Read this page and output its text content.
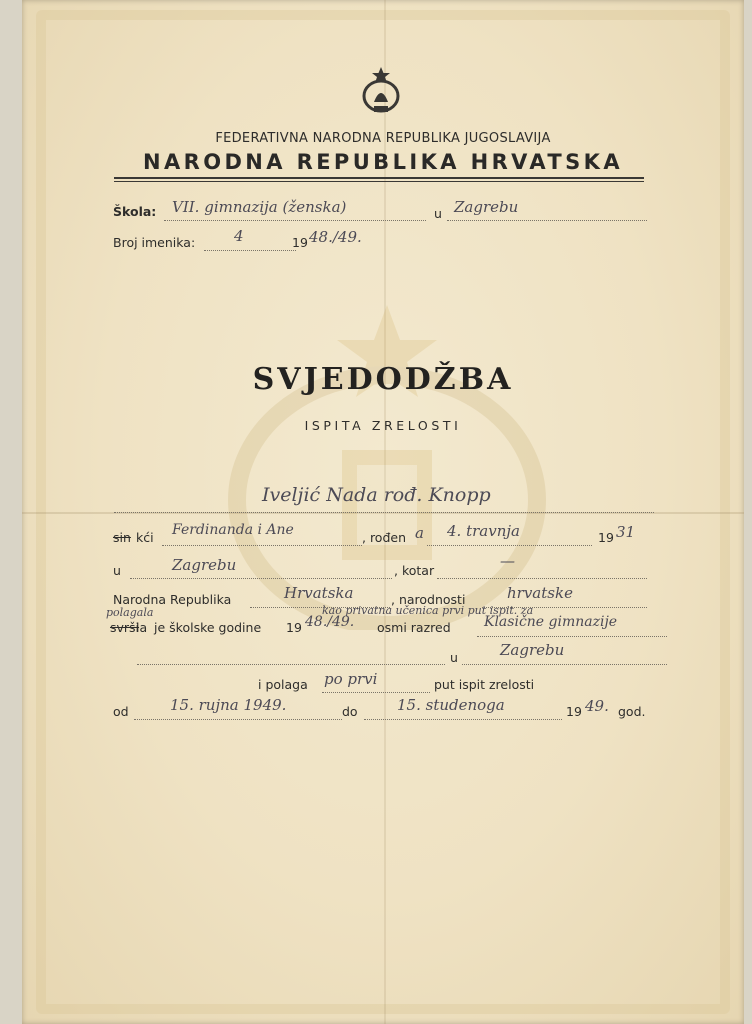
FEDERATIVNA NARODNA REPUBLIKA JUGOSLAVIJA
NARODNA REPUBLIKA HRVATSKA
Škola: VII. gimnazija (ženska)	u Zagrebu
Broj imenika:	4	19 48./49.
SVJEDODŽBA
ISPITA ZRELOSTI
Ivelјić Nada rođ. Knopp
sin kći Ferdinanda i Ane	, rođen a 4. travnja	19 31
u	Zagrebu	, kotar
—
Narodna Republika	Hrvatska	, narodnosti	hrvatske
kao privatna učenica prvi put ispit. za
polagala
svrši
la je školske godine 19 48./49. osmi razred Klasične gimnazije
u	Zagrebu
i polaga po prvi	put ispit zrelosti
od	15. rujna 1949.	do	15. studenoga	19 49. god.
